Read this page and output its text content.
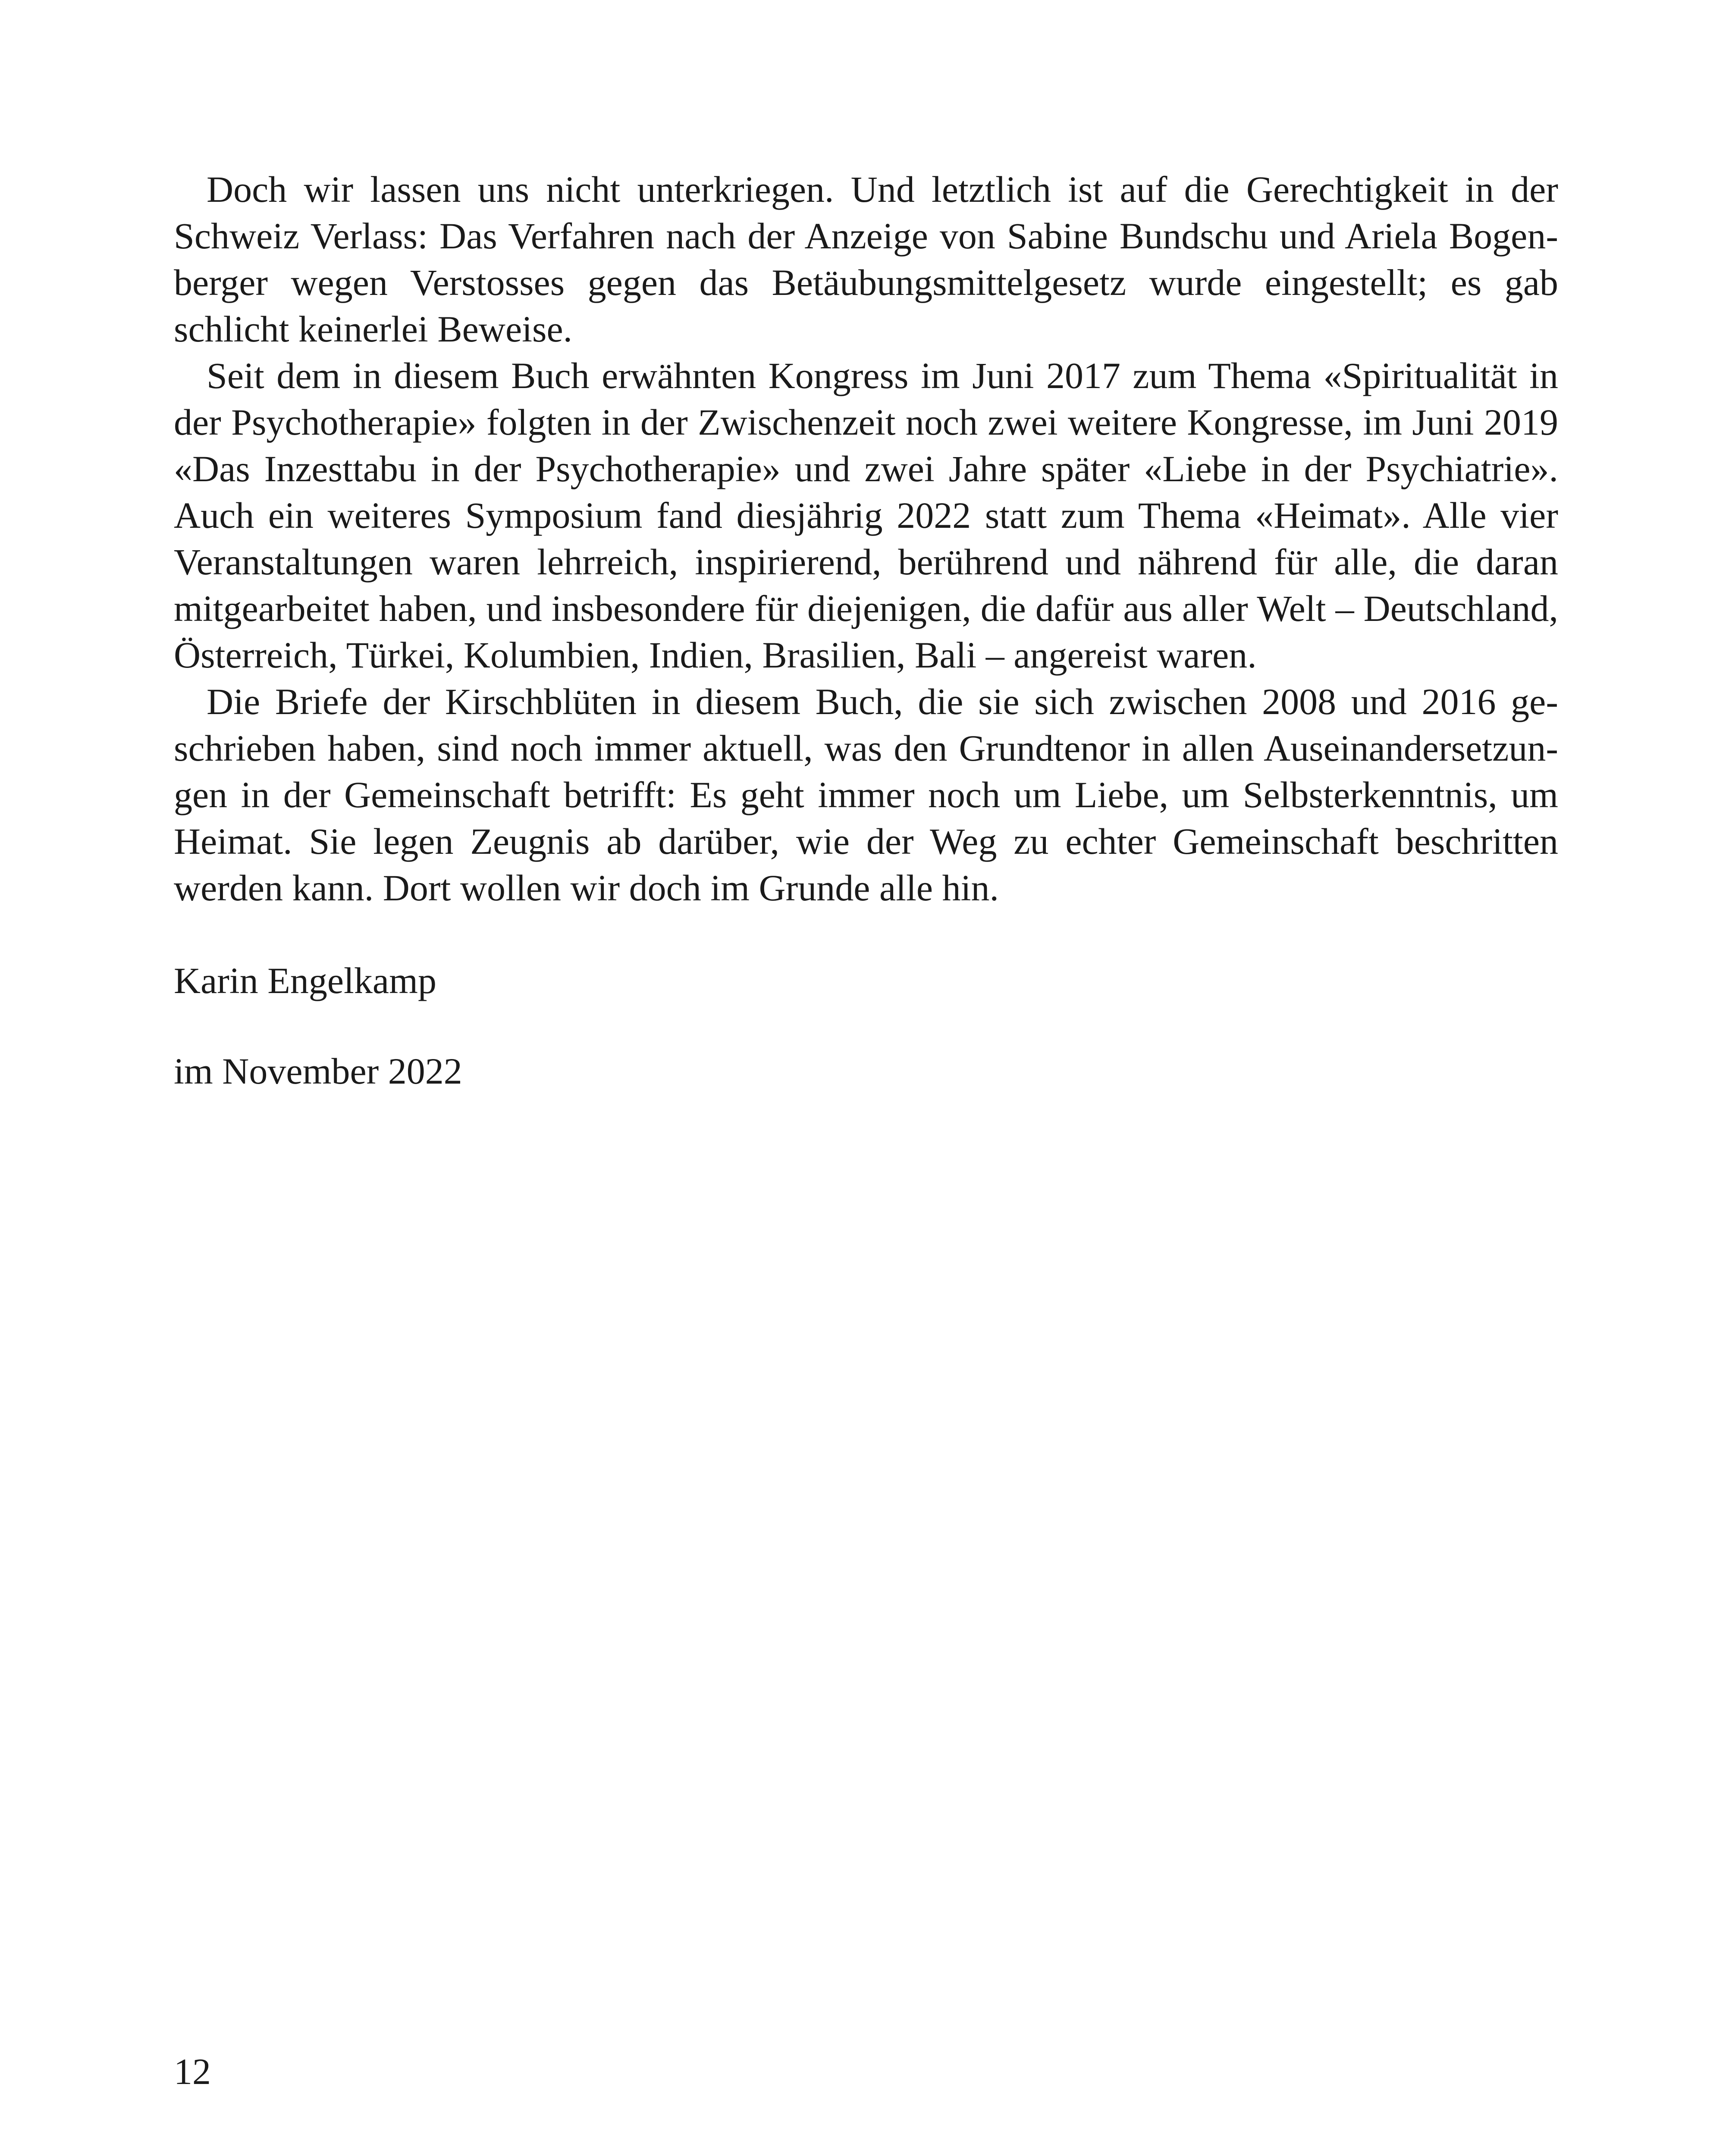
Doch wir lassen uns nicht unterkriegen. Und letztlich ist auf die Gerechtigkeit in der Schweiz Verlass: Das Verfahren nach der Anzeige von Sabine Bundschu und Ariela Bogenberger wegen Verstosses gegen das Betäubungsmittelgesetz wurde eingestellt; es gab schlicht keinerlei Beweise.

Seit dem in diesem Buch erwähnten Kongress im Juni 2017 zum Thema «Spiritualität in der Psychotherapie» folgten in der Zwischenzeit noch zwei weitere Kongresse, im Juni 2019 «Das Inzesttabu in der Psychotherapie» und zwei Jahre später «Liebe in der Psychiatrie». Auch ein weiteres Symposium fand diesjährig 2022 statt zum Thema «Heimat». Alle vier Veranstaltungen waren lehrreich, inspirierend, berührend und nährend für alle, die daran mitgearbeitet haben, und insbesondere für diejenigen, die dafür aus aller Welt – Deutschland, Österreich, Türkei, Kolumbien, Indien, Brasilien, Bali – angereist waren.

Die Briefe der Kirschblüten in diesem Buch, die sie sich zwischen 2008 und 2016 geschrieben haben, sind noch immer aktuell, was den Grundtenor in allen Auseinandersetzungen in der Gemeinschaft betrifft: Es geht immer noch um Liebe, um Selbsterkenntnis, um Heimat. Sie legen Zeugnis ab darüber, wie der Weg zu echter Gemeinschaft beschritten werden kann. Dort wollen wir doch im Grunde alle hin.

Karin Engelkamp

im November 2022

12
